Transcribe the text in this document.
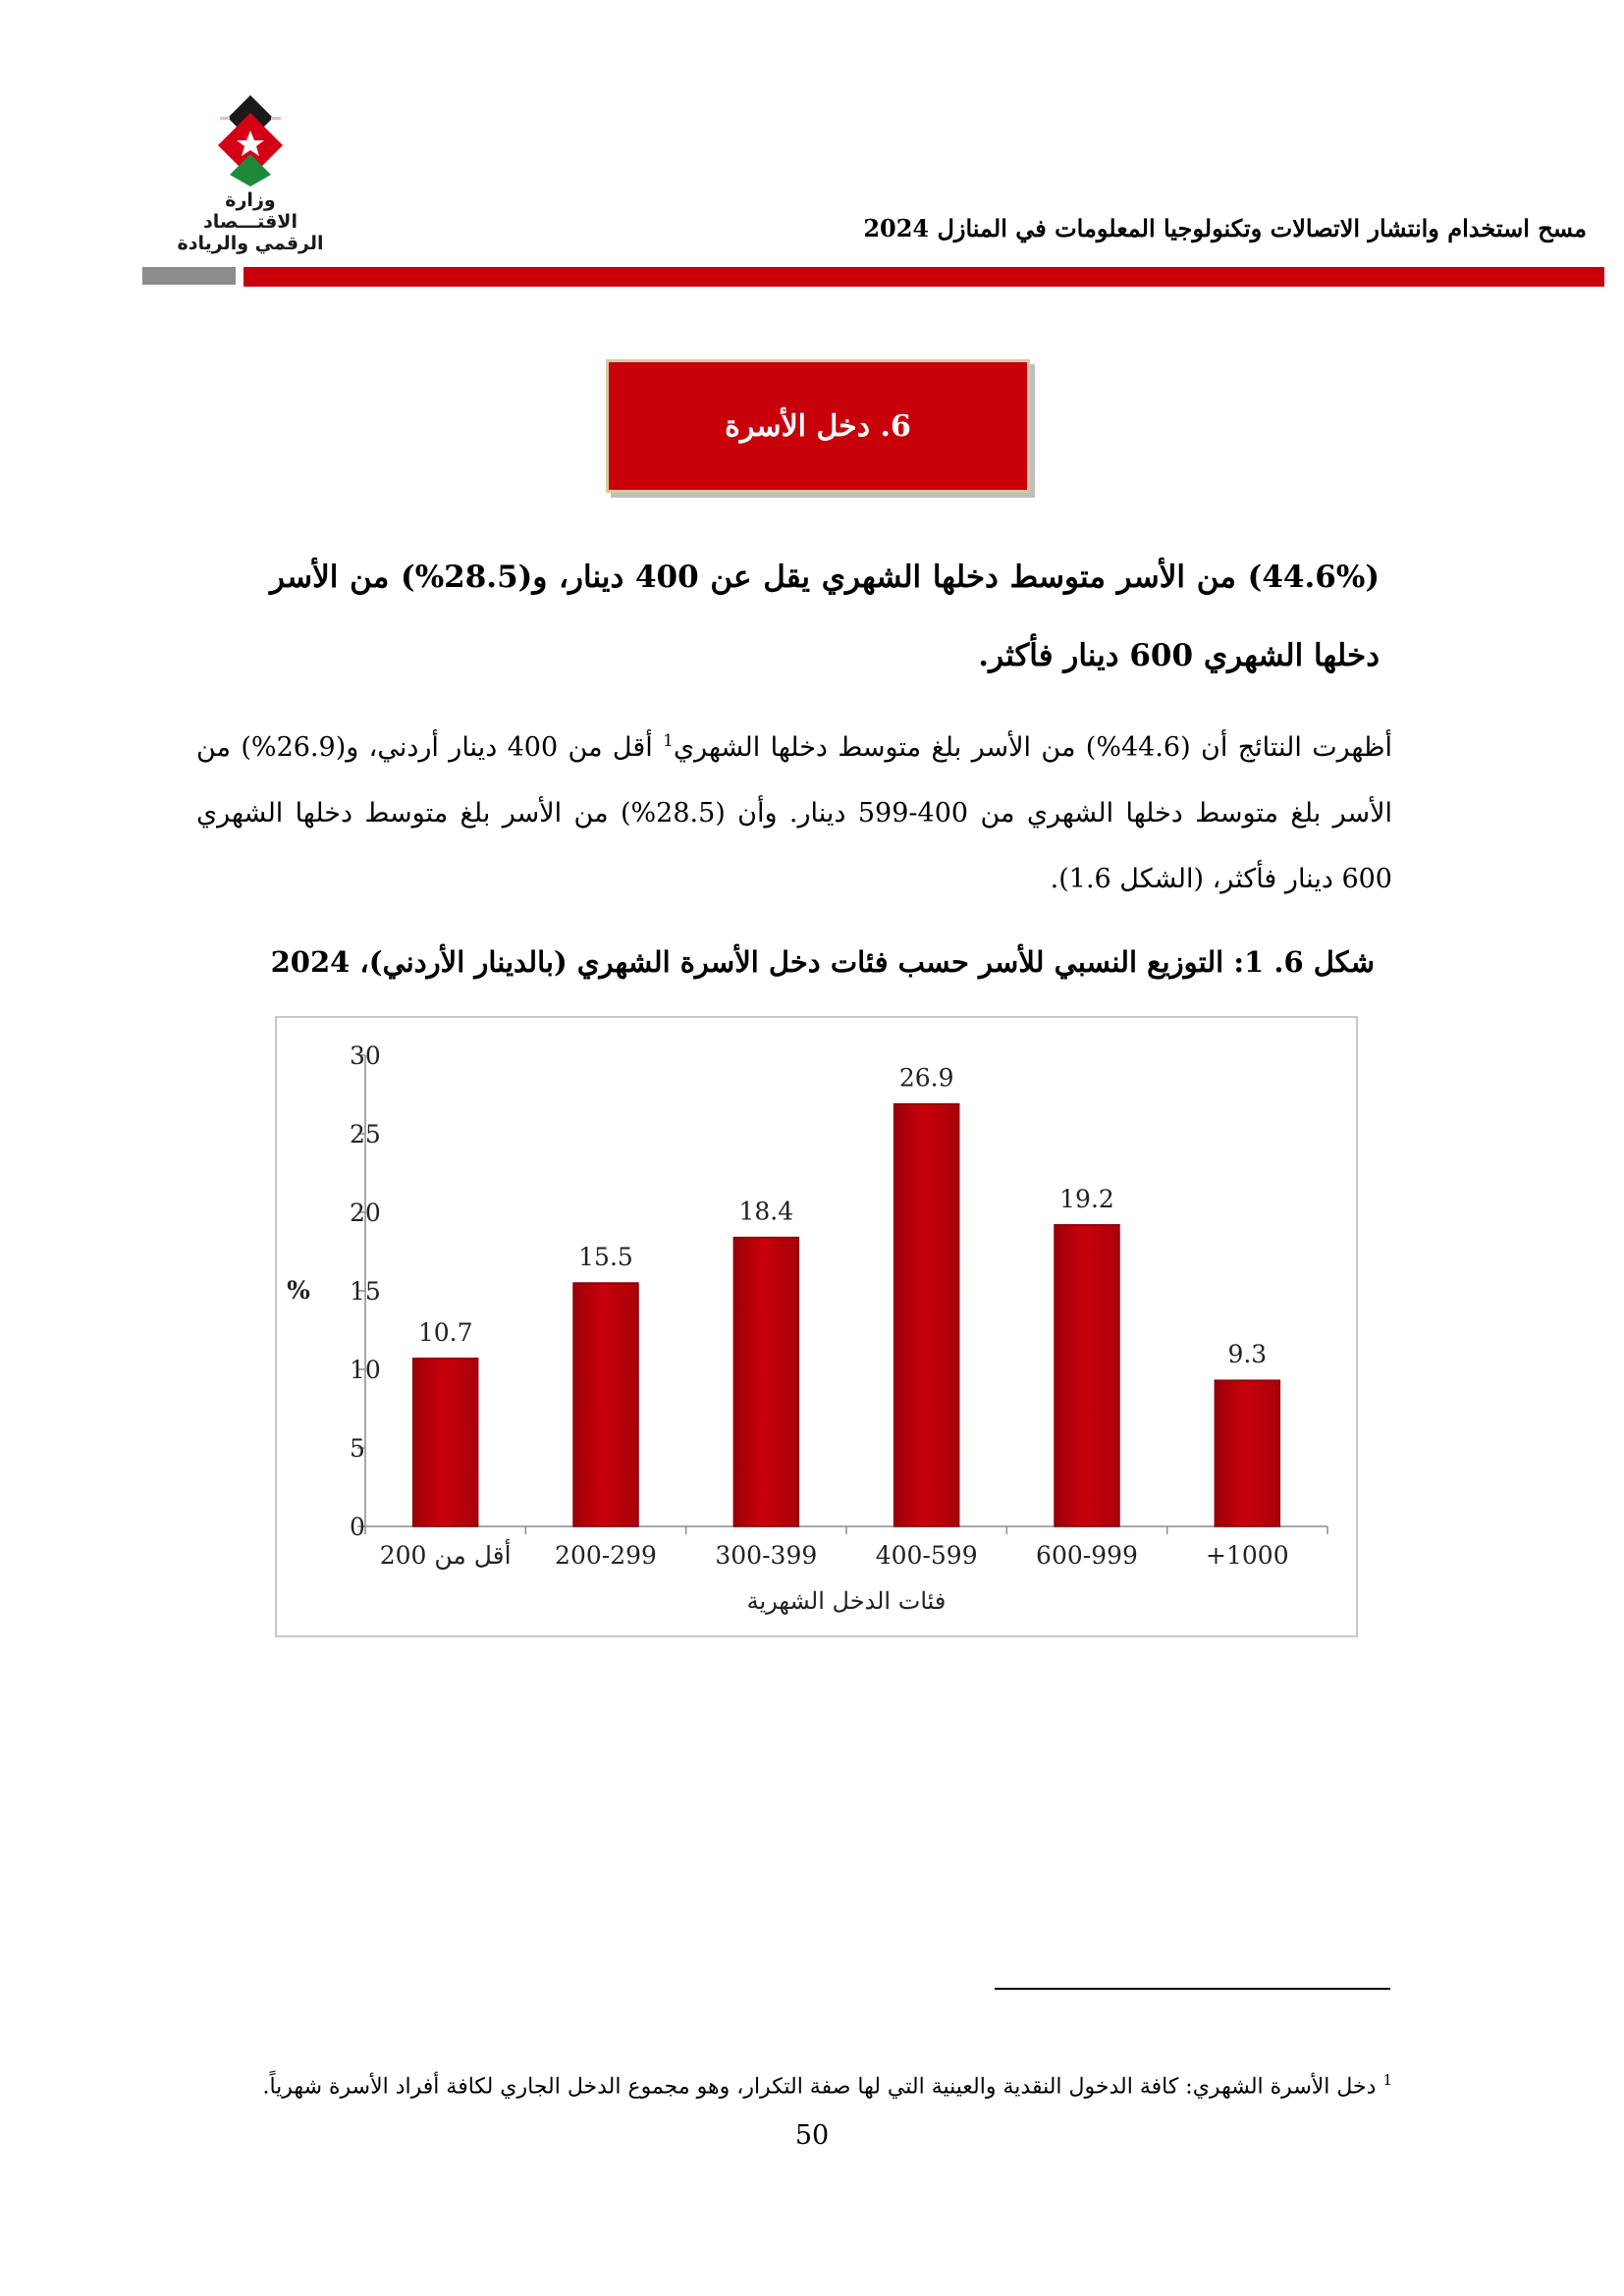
وزارة الاقتـــصاد
الرقمي والريادة
مسح استخدام وانتشار الاتصالات وتكنولوجيا المعلومات في المنازل 2024
6. دخل الأسرة
(44.6%) من الأسر متوسط دخلها الشهري يقل عن 400 دينار، و(28.5%) من الأسر دخلها الشهري 600 دينار فأكثر.
أظهرت النتائج أن (44.6%) من الأسر بلغ متوسط دخلها الشهري$^1$ أقل من 400 دينار أردني، و(26.9%) من الأسر بلغ متوسط دخلها الشهري من 400-599 دينار. وأن (28.5%) من الأسر بلغ متوسط دخلها الشهري 600 دينار فأكثر، (الشكل 1.6).
شكل 6. 1: التوزيع النسبي للأسر حسب فئات دخل الأسرة الشهري (بالدينار الأردني)، 2024
0
5
10
15
20
25
30
%
10.7
أقل من 200
15.5
200-299
18.4
300-399
26.9
400-599
19.2
600-999
9.3
+1000
فئات الدخل الشهرية
$^1$ دخل الأسرة الشهري: كافة الدخول النقدية والعينية التي لها صفة التكرار، وهو مجموع الدخل الجاري لكافة أفراد الأسرة شهرياً.
50
